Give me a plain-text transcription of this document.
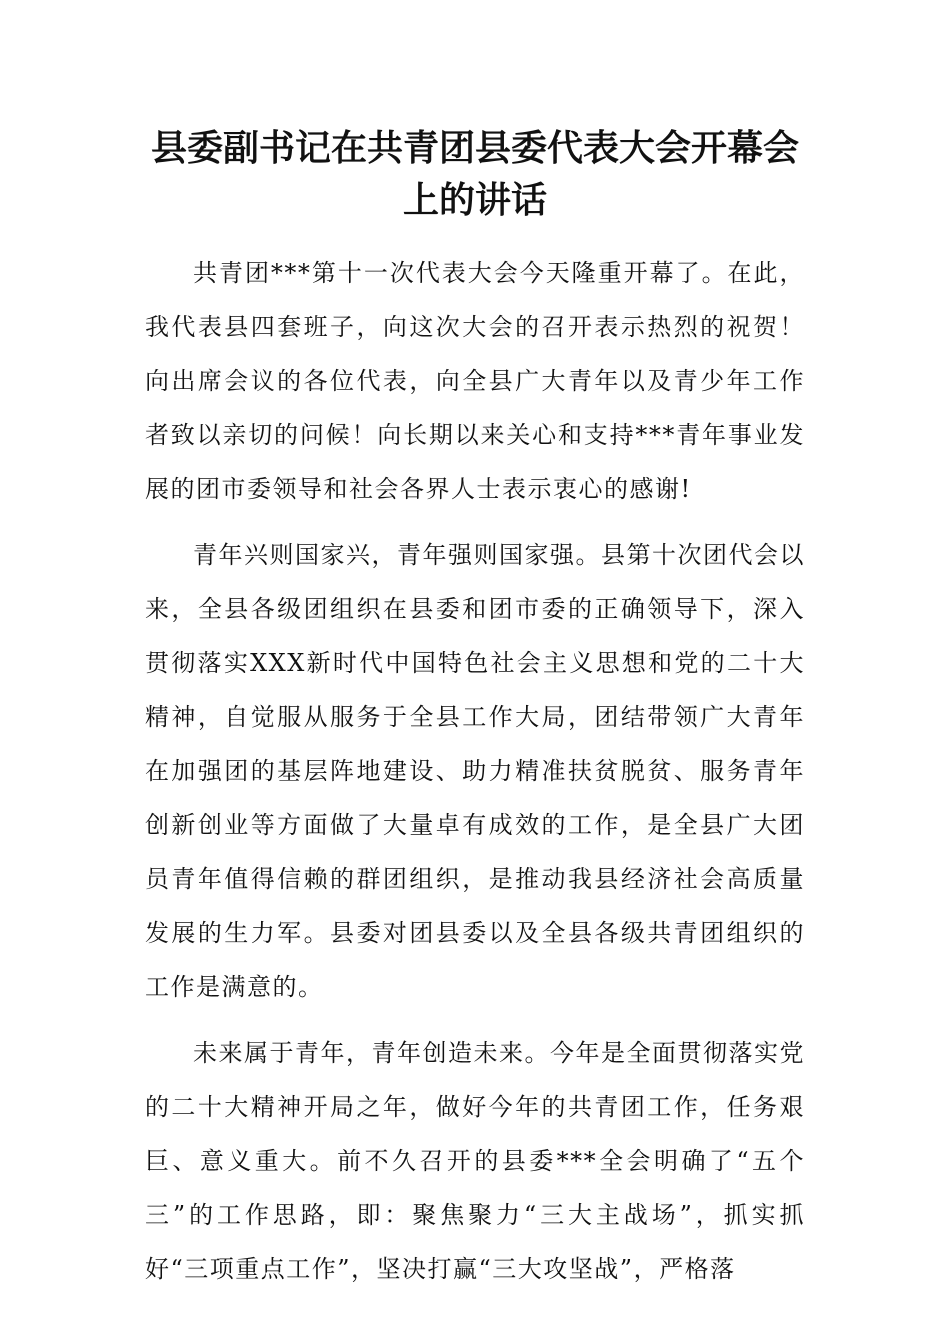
县委副书记在共青团县委代表大会开幕会
上的讲话

共青团***第十一次代表大会今天隆重开幕了。在此，我代表县四套班子，向这次大会的召开表示热烈的祝贺！向出席会议的各位代表，向全县广大青年以及青少年工作者致以亲切的问候！向长期以来关心和支持***青年事业发展的团市委领导和社会各界人士表示衷心的感谢!

青年兴则国家兴，青年强则国家强。县第十次团代会以来，全县各级团组织在县委和团市委的正确领导下，深入贯彻落实XXX新时代中国特色社会主义思想和党的二十大精神，自觉服从服务于全县工作大局，团结带领广大青年在加强团的基层阵地建设、助力精准扶贫脱贫、服务青年创新创业等方面做了大量卓有成效的工作，是全县广大团员青年值得信赖的群团组织，是推动我县经济社会高质量发展的生力军。县委对团县委以及全县各级共青团组织的工作是满意的。

未来属于青年，青年创造未来。今年是全面贯彻落实党的二十大精神开局之年，做好今年的共青团工作，任务艰巨、意义重大。前不久召开的县委***全会明确了“五个三”的工作思路，即：聚焦聚力“三大主战场”，抓实抓好“三项重点工作”，坚决打赢“三大攻坚战”，严格落
